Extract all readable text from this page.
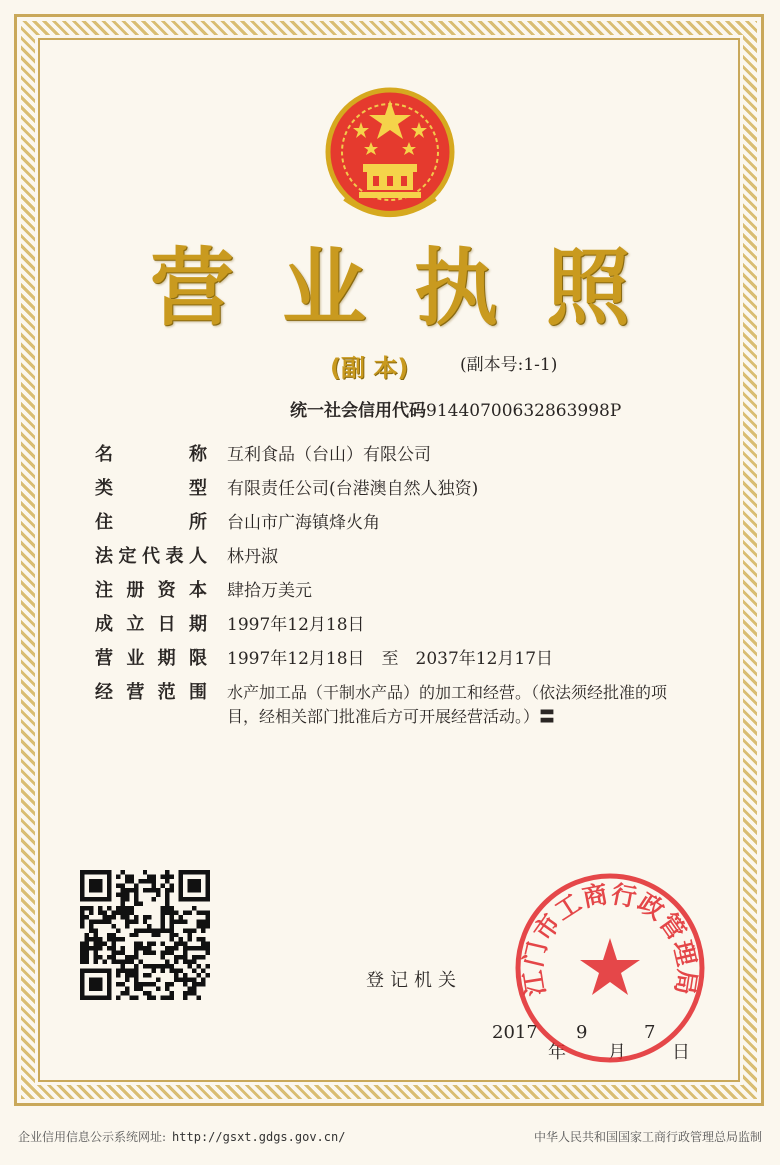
营 业 执 照
(副 本)	(副本号:1-1)
统一社会信用代码91440700632863998P
名	称	互利食品（台山）有限公司
类	型	有限责任公司(台港澳自然人独资)
住	所	台山市广海镇烽火角
法 定 代 表 人	林丹淑
注 册 资 本	肆拾万美元
成 立 日 期	1997年12月18日
营 业 期 限	1997年12月18日　至　2037年12月17日
经 营 范 围	水产加工品（干制水产品）的加工和经营。（依法须经批准的项目，经相关部门批准后方可开展经营活动。）〓
登记机关
2017
年
9
月
7
日
江门市工商行政管理局
企业信用信息公示系统网址: http://gsxt.gdgs.gov.cn/	中华人民共和国国家工商行政管理总局监制
